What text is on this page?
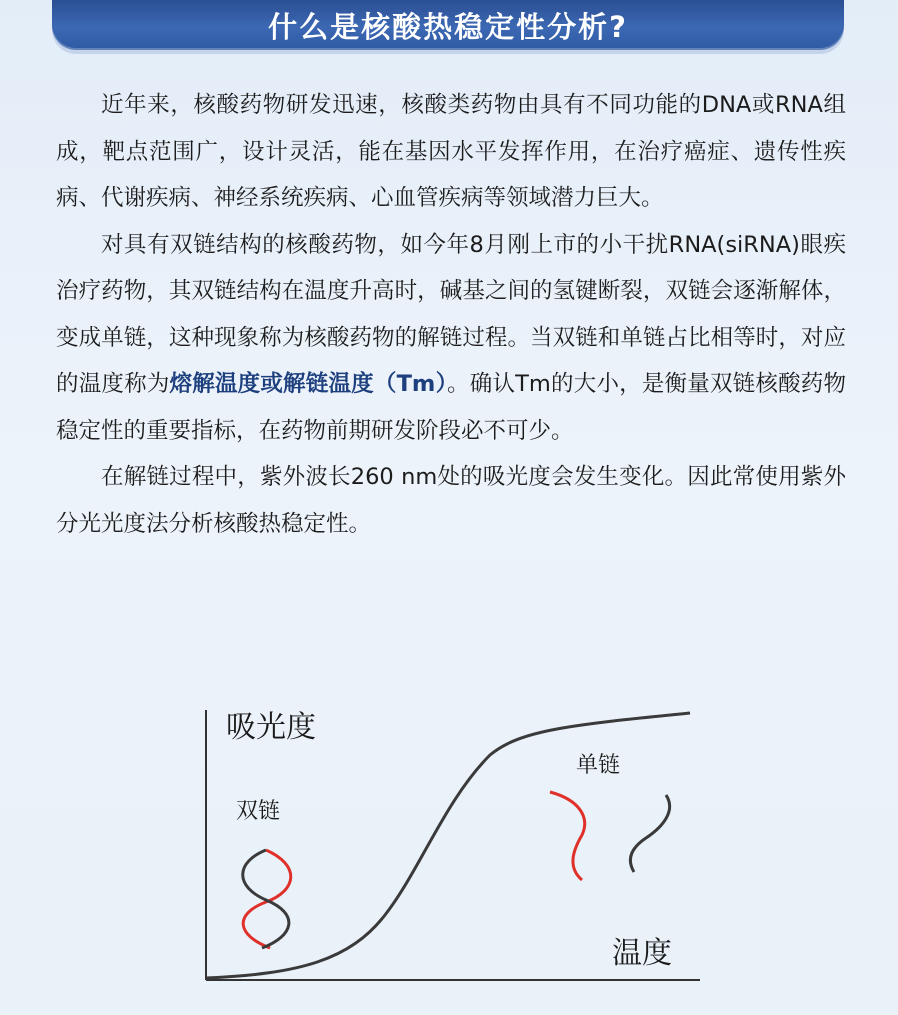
什么是核酸热稳定性分析?

近年来，核酸药物研发迅速，核酸类药物由具有不同功能的DNA或RNA组成，靶点范围广，设计灵活，能在基因水平发挥作用，在治疗癌症、遗传性疾病、代谢疾病、神经系统疾病、心血管疾病等领域潜力巨大。

对具有双链结构的核酸药物，如今年8月刚上市的小干扰RNA(siRNA)眼疾治疗药物，其双链结构在温度升高时，碱基之间的氢键断裂，双链会逐渐解体，变成单链，这种现象称为核酸药物的解链过程。当双链和单链占比相等时，对应的温度称为熔解温度或解链温度（Tm）。确认Tm的大小，是衡量双链核酸药物稳定性的重要指标，在药物前期研发阶段必不可少。

在解链过程中，紫外波长260 nm处的吸光度会发生变化。因此常使用紫外分光光度法分析核酸热稳定性。

吸光度
温度
双链
单链
